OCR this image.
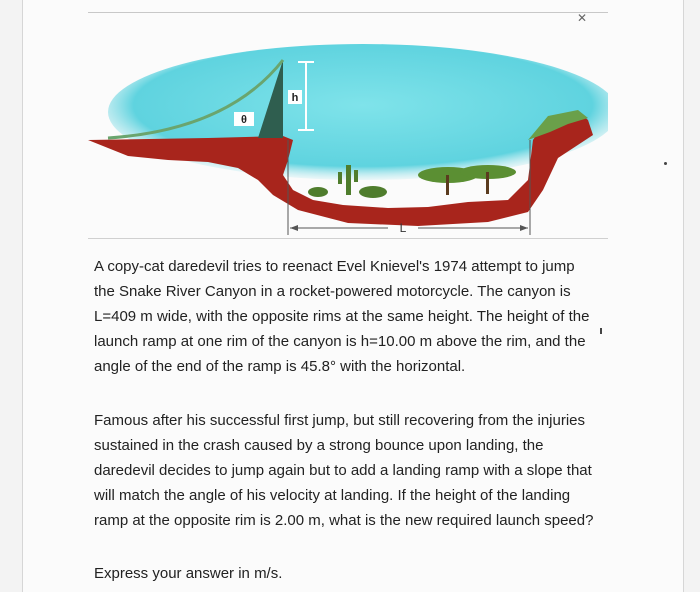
✕
θ
h
L

A copy-cat daredevil tries to reenact Evel Knievel's 1974 attempt to jump the Snake River Canyon in a rocket-powered motorcycle. The canyon is L=409 m wide, with the opposite rims at the same height. The height of the launch ramp at one rim of the canyon is h=10.00 m above the rim, and the angle of the end of the ramp is 45.8° with the horizontal.

Famous after his successful first jump, but still recovering from the injuries sustained in the crash caused by a strong bounce upon landing, the daredevil decides to jump again but to add a landing ramp with a slope that will match the angle of his velocity at landing. If the height of the landing ramp at the opposite rim is 2.00 m, what is the new required launch speed?

Express your answer in m/s.
